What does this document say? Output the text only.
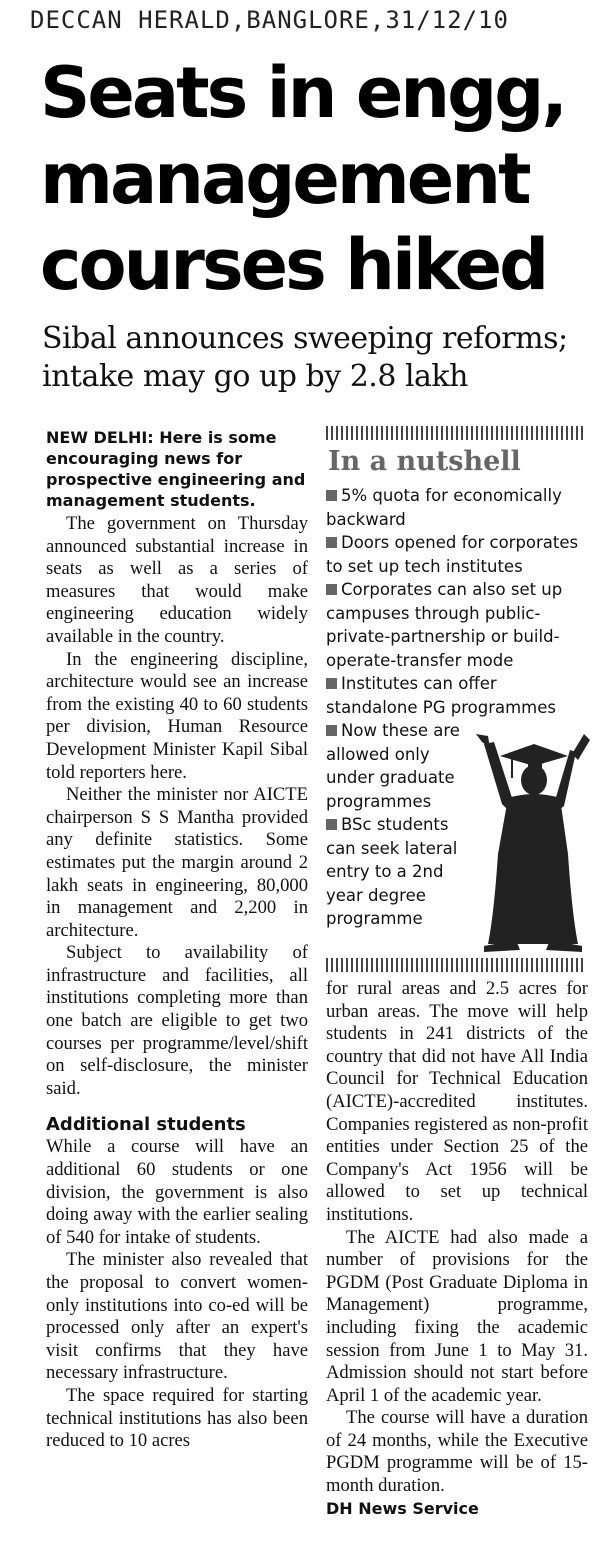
DECCAN HERALD,BANGLORE,31/12/10
Seats in engg,
management
courses hiked
Sibal announces sweeping reforms;
intake may go up by 2.8 lakh

NEW DELHI: Here is some encouraging news for prospective engineering and management students.

The government on Thursday announced substantial increase in seats as well as a series of measures that would make engineering education widely available in the country.

In the engineering discipline, architecture would see an increase from the existing 40 to 60 students per division, Human Resource Development Minister Kapil Sibal told reporters here.

Neither the minister nor AICTE chairperson S S Mantha provided any definite statistics. Some estimates put the margin around 2 lakh seats in engineering, 80,000 in management and 2,200 in architecture.

Subject to availability of infrastructure and facilities, all institutions completing more than one batch are eligible to get two courses per programme/level/shift on self-disclosure, the minister said.

Additional students

While a course will have an additional 60 students or one division, the government is also doing away with the earlier sealing of 540 for intake of students.

The minister also revealed that the proposal to convert women-only institutions into co-ed will be processed only after an expert's visit confirms that they have necessary infrastructure.

The space required for starting technical institutions has also been reduced to 10 acres

In a nutshell
5% quota for economically backward
Doors opened for corporates to set up tech institutes
Corporates can also set up campuses through public-private-partnership or build-operate-transfer mode
Institutes can offer standalone PG programmes
Now these are allowed only under graduate programmes
BSc students can seek lateral entry to a 2nd year degree programme

for rural areas and 2.5 acres for urban areas. The move will help students in 241 districts of the country that did not have All India Council for Technical Education (AICTE)-accredited institutes. Companies registered as non-profit entities under Section 25 of the Company's Act 1956 will be allowed to set up technical institutions.

The AICTE had also made a number of provisions for the PGDM (Post Graduate Diploma in Management) programme, including fixing the academic session from June 1 to May 31. Admission should not start before April 1 of the academic year.

The course will have a duration of 24 months, while the Executive PGDM programme will be of 15-month duration.

DH News Service
